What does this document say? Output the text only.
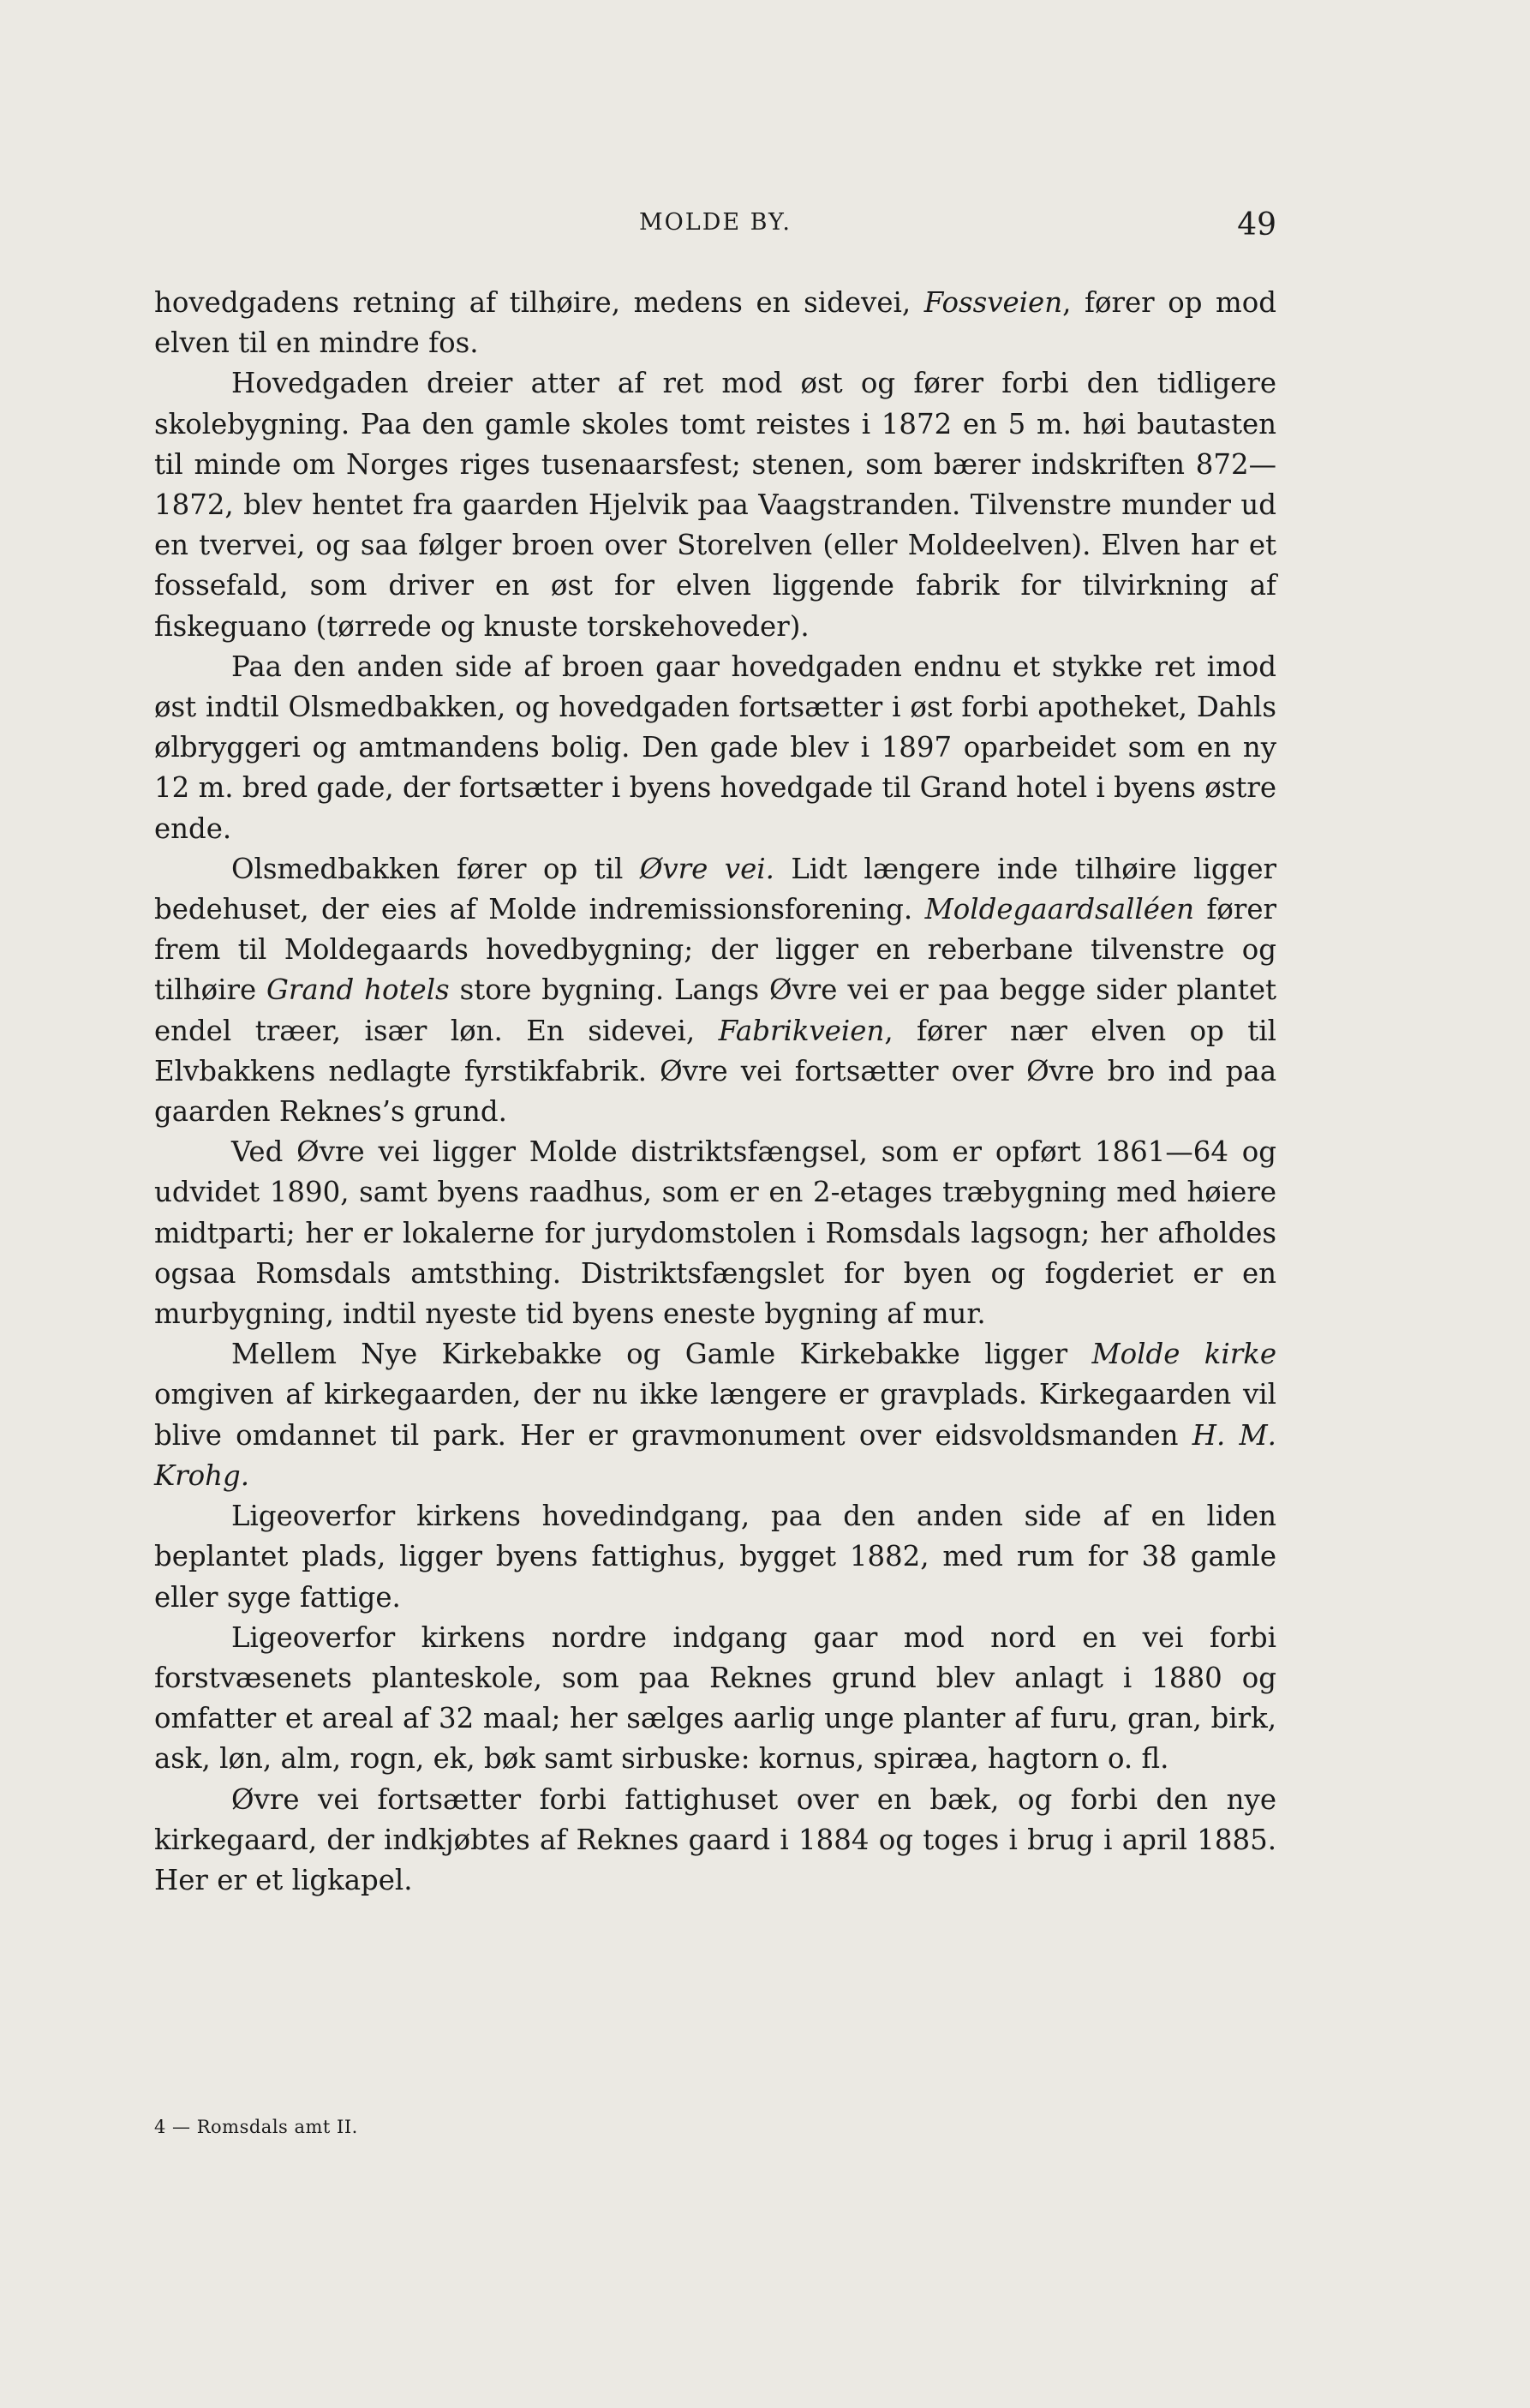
MOLDE BY.	49

hovedgadens retning af tilhøire, medens en sidevei, Fossveien, fører op mod elven til en mindre fos.

Hovedgaden dreier atter af ret mod øst og fører forbi den tidligere skolebygning. Paa den gamle skoles tomt reistes i 1872 en 5 m. høi bautasten til minde om Norges riges tusenaarsfest; stenen, som bærer indskriften 872—1872, blev hentet fra gaarden Hjelvik paa Vaagstranden. Tilvenstre munder ud en tvervei, og saa følger broen over Storelven (eller Moldeelven). Elven har et fossefald, som driver en øst for elven liggende fabrik for tilvirkning af fiskeguano (tørrede og knuste torskehoveder).

Paa den anden side af broen gaar hovedgaden endnu et stykke ret imod øst indtil Olsmedbakken, og hovedgaden fortsætter i øst forbi apotheket, Dahls ølbryggeri og amtmandens bolig. Den gade blev i 1897 oparbeidet som en ny 12 m. bred gade, der fortsætter i byens hovedgade til Grand hotel i byens østre ende.

Olsmedbakken fører op til Øvre vei. Lidt længere inde tilhøire ligger bedehuset, der eies af Molde indremissionsforening. Moldegaardsalléen fører frem til Moldegaards hovedbygning; der ligger en reberbane tilvenstre og tilhøire Grand hotels store bygning. Langs Øvre vei er paa begge sider plantet endel træer, især løn. En sidevei, Fabrikveien, fører nær elven op til Elvbakkens nedlagte fyrstikfabrik. Øvre vei fortsætter over Øvre bro ind paa gaarden Reknes’s grund.

Ved Øvre vei ligger Molde distriktsfængsel, som er opført 1861—64 og udvidet 1890, samt byens raadhus, som er en 2-etages træbygning med høiere midtparti; her er lokalerne for jurydomstolen i Romsdals lagsogn; her afholdes ogsaa Romsdals amtsthing. Distriktsfængslet for byen og fogderiet er en murbygning, indtil nyeste tid byens eneste bygning af mur.

Mellem Nye Kirkebakke og Gamle Kirkebakke ligger Molde kirke omgiven af kirkegaarden, der nu ikke længere er gravplads. Kirkegaarden vil blive omdannet til park. Her er gravmonument over eidsvoldsmanden H. M. Krohg.

Ligeoverfor kirkens hovedindgang, paa den anden side af en liden beplantet plads, ligger byens fattighus, bygget 1882, med rum for 38 gamle eller syge fattige.

Ligeoverfor kirkens nordre indgang gaar mod nord en vei forbi forstvæsenets planteskole, som paa Reknes grund blev anlagt i 1880 og omfatter et areal af 32 maal; her sælges aarlig unge planter af furu, gran, birk, ask, løn, alm, rogn, ek, bøk samt sirbuske: kornus, spiræa, hagtorn o. fl.

Øvre vei fortsætter forbi fattighuset over en bæk, og forbi den nye kirkegaard, der indkjøbtes af Reknes gaard i 1884 og toges i brug i april 1885. Her er et ligkapel.

4 — Romsdals amt II.
